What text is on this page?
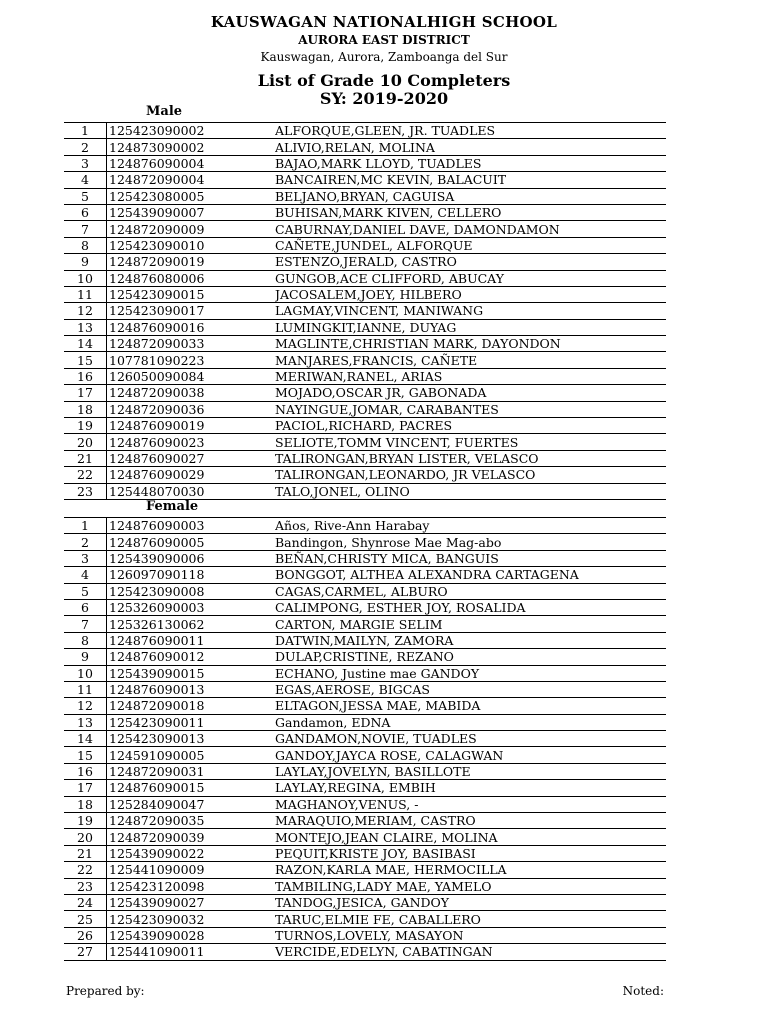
KAUSWAGAN NATIONALHIGH SCHOOL
AURORA EAST DISTRICT
Kauswagan, Aurora, Zamboanga del Sur
List of Grade 10 Completers
SY: 2019-2020
Male
1	125423090002	ALFORQUE,GLEEN, JR. TUADLES
2	124873090002	ALIVIO,RELAN, MOLINA
3	124876090004	BAJAO,MARK LLOYD, TUADLES
4	124872090004	BANCAIREN,MC KEVIN, BALACUIT
5	125423080005	BELJANO,BRYAN, CAGUISA
6	125439090007	BUHISAN,MARK KIVEN, CELLERO
7	124872090009	CABURNAY,DANIEL DAVE, DAMONDAMON
8	125423090010	CAÑETE,JUNDEL, ALFORQUE
9	124872090019	ESTENZO,JERALD, CASTRO
10	124876080006	GUNGOB,ACE CLIFFORD, ABUCAY
11	125423090015	JACOSALEM,JOEY, HILBERO
12	125423090017	LAGMAY,VINCENT, MANIWANG
13	124876090016	LUMINGKIT,IANNE, DUYAG
14	124872090033	MAGLINTE,CHRISTIAN MARK, DAYONDON
15	107781090223	MANJARES,FRANCIS, CAÑETE
16	126050090084	MERIWAN,RANEL, ARIAS
17	124872090038	MOJADO,OSCAR JR, GABONADA
18	124872090036	NAYINGUE,JOMAR, CARABANTES
19	124876090019	PACIOL,RICHARD, PACRES
20	124876090023	SELIOTE,TOMM VINCENT, FUERTES
21	124876090027	TALIRONGAN,BRYAN LISTER, VELASCO
22	124876090029	TALIRONGAN,LEONARDO, JR VELASCO
23	125448070030	TALO,JONEL, OLINO
Female
1	124876090003	Años, Rive-Ann Harabay
2	124876090005	Bandingon, Shynrose Mae Mag-abo
3	125439090006	BEÑAN,CHRISTY MICA, BANGUIS
4	126097090118	BONGGOT, ALTHEA ALEXANDRA CARTAGENA
5	125423090008	CAGAS,CARMEL, ALBURO
6	125326090003	CALIMPONG, ESTHER JOY, ROSALIDA
7	125326130062	CARTON, MARGIE SELIM
8	124876090011	DATWIN,MAILYN, ZAMORA
9	124876090012	DULAP,CRISTINE, REZANO
10	125439090015	ECHANO, Justine mae GANDOY
11	124876090013	EGAS,AEROSE, BIGCAS
12	124872090018	ELTAGON,JESSA MAE, MABIDA
13	125423090011	Gandamon, EDNA
14	125423090013	GANDAMON,NOVIE, TUADLES
15	124591090005	GANDOY,JAYCA ROSE, CALAGWAN
16	124872090031	LAYLAY,JOVELYN, BASILLOTE
17	124876090015	LAYLAY,REGINA, EMBIH
18	125284090047	MAGHANOY,VENUS, -
19	124872090035	MARAQUIO,MERIAM, CASTRO
20	124872090039	MONTEJO,JEAN CLAIRE, MOLINA
21	125439090022	PEQUIT,KRISTE JOY, BASIBASI
22	125441090009	RAZON,KARLA MAE, HERMOCILLA
23	125423120098	TAMBILING,LADY MAE, YAMELO
24	125439090027	TANDOG,JESICA, GANDOY
25	125423090032	TARUC,ELMIE FE, CABALLERO
26	125439090028	TURNOS,LOVELY, MASAYON
27	125441090011	VERCIDE,EDELYN, CABATINGAN
Prepared by:	Noted:
